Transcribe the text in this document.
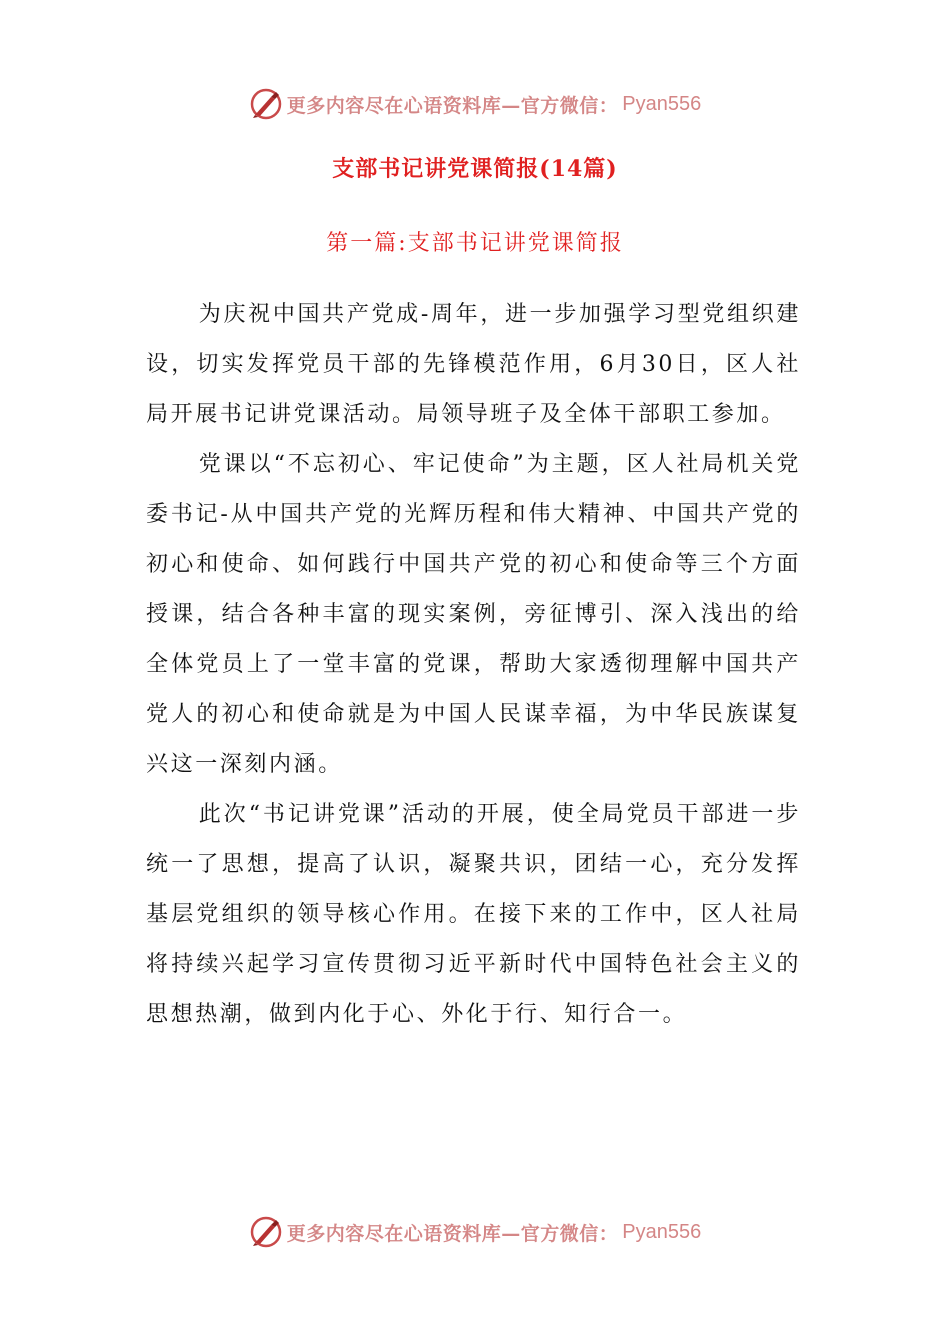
更多内容尽在心语资料库—官方微信： Pyan556
支部书记讲党课简报(14篇)
第一篇:支部书记讲党课简报

为庆祝中国共产党成-周年，进一步加强学习型党组织建设，切实发挥党员干部的先锋模范作用，6月30日，区人社局开展书记讲党课活动。局领导班子及全体干部职工参加。

党课以“不忘初心、牢记使命”为主题，区人社局机关党委书记-从中国共产党的光辉历程和伟大精神、中国共产党的初心和使命、如何践行中国共产党的初心和使命等三个方面授课，结合各种丰富的现实案例，旁征博引、深入浅出的给全体党员上了一堂丰富的党课，帮助大家透彻理解中国共产党人的初心和使命就是为中国人民谋幸福，为中华民族谋复兴这一深刻内涵。

此次“书记讲党课”活动的开展，使全局党员干部进一步统一了思想，提高了认识，凝聚共识，团结一心，充分发挥基层党组织的领导核心作用。在接下来的工作中，区人社局将持续兴起学习宣传贯彻习近平新时代中国特色社会主义的思想热潮，做到内化于心、外化于行、知行合一。

更多内容尽在心语资料库—官方微信： Pyan556
